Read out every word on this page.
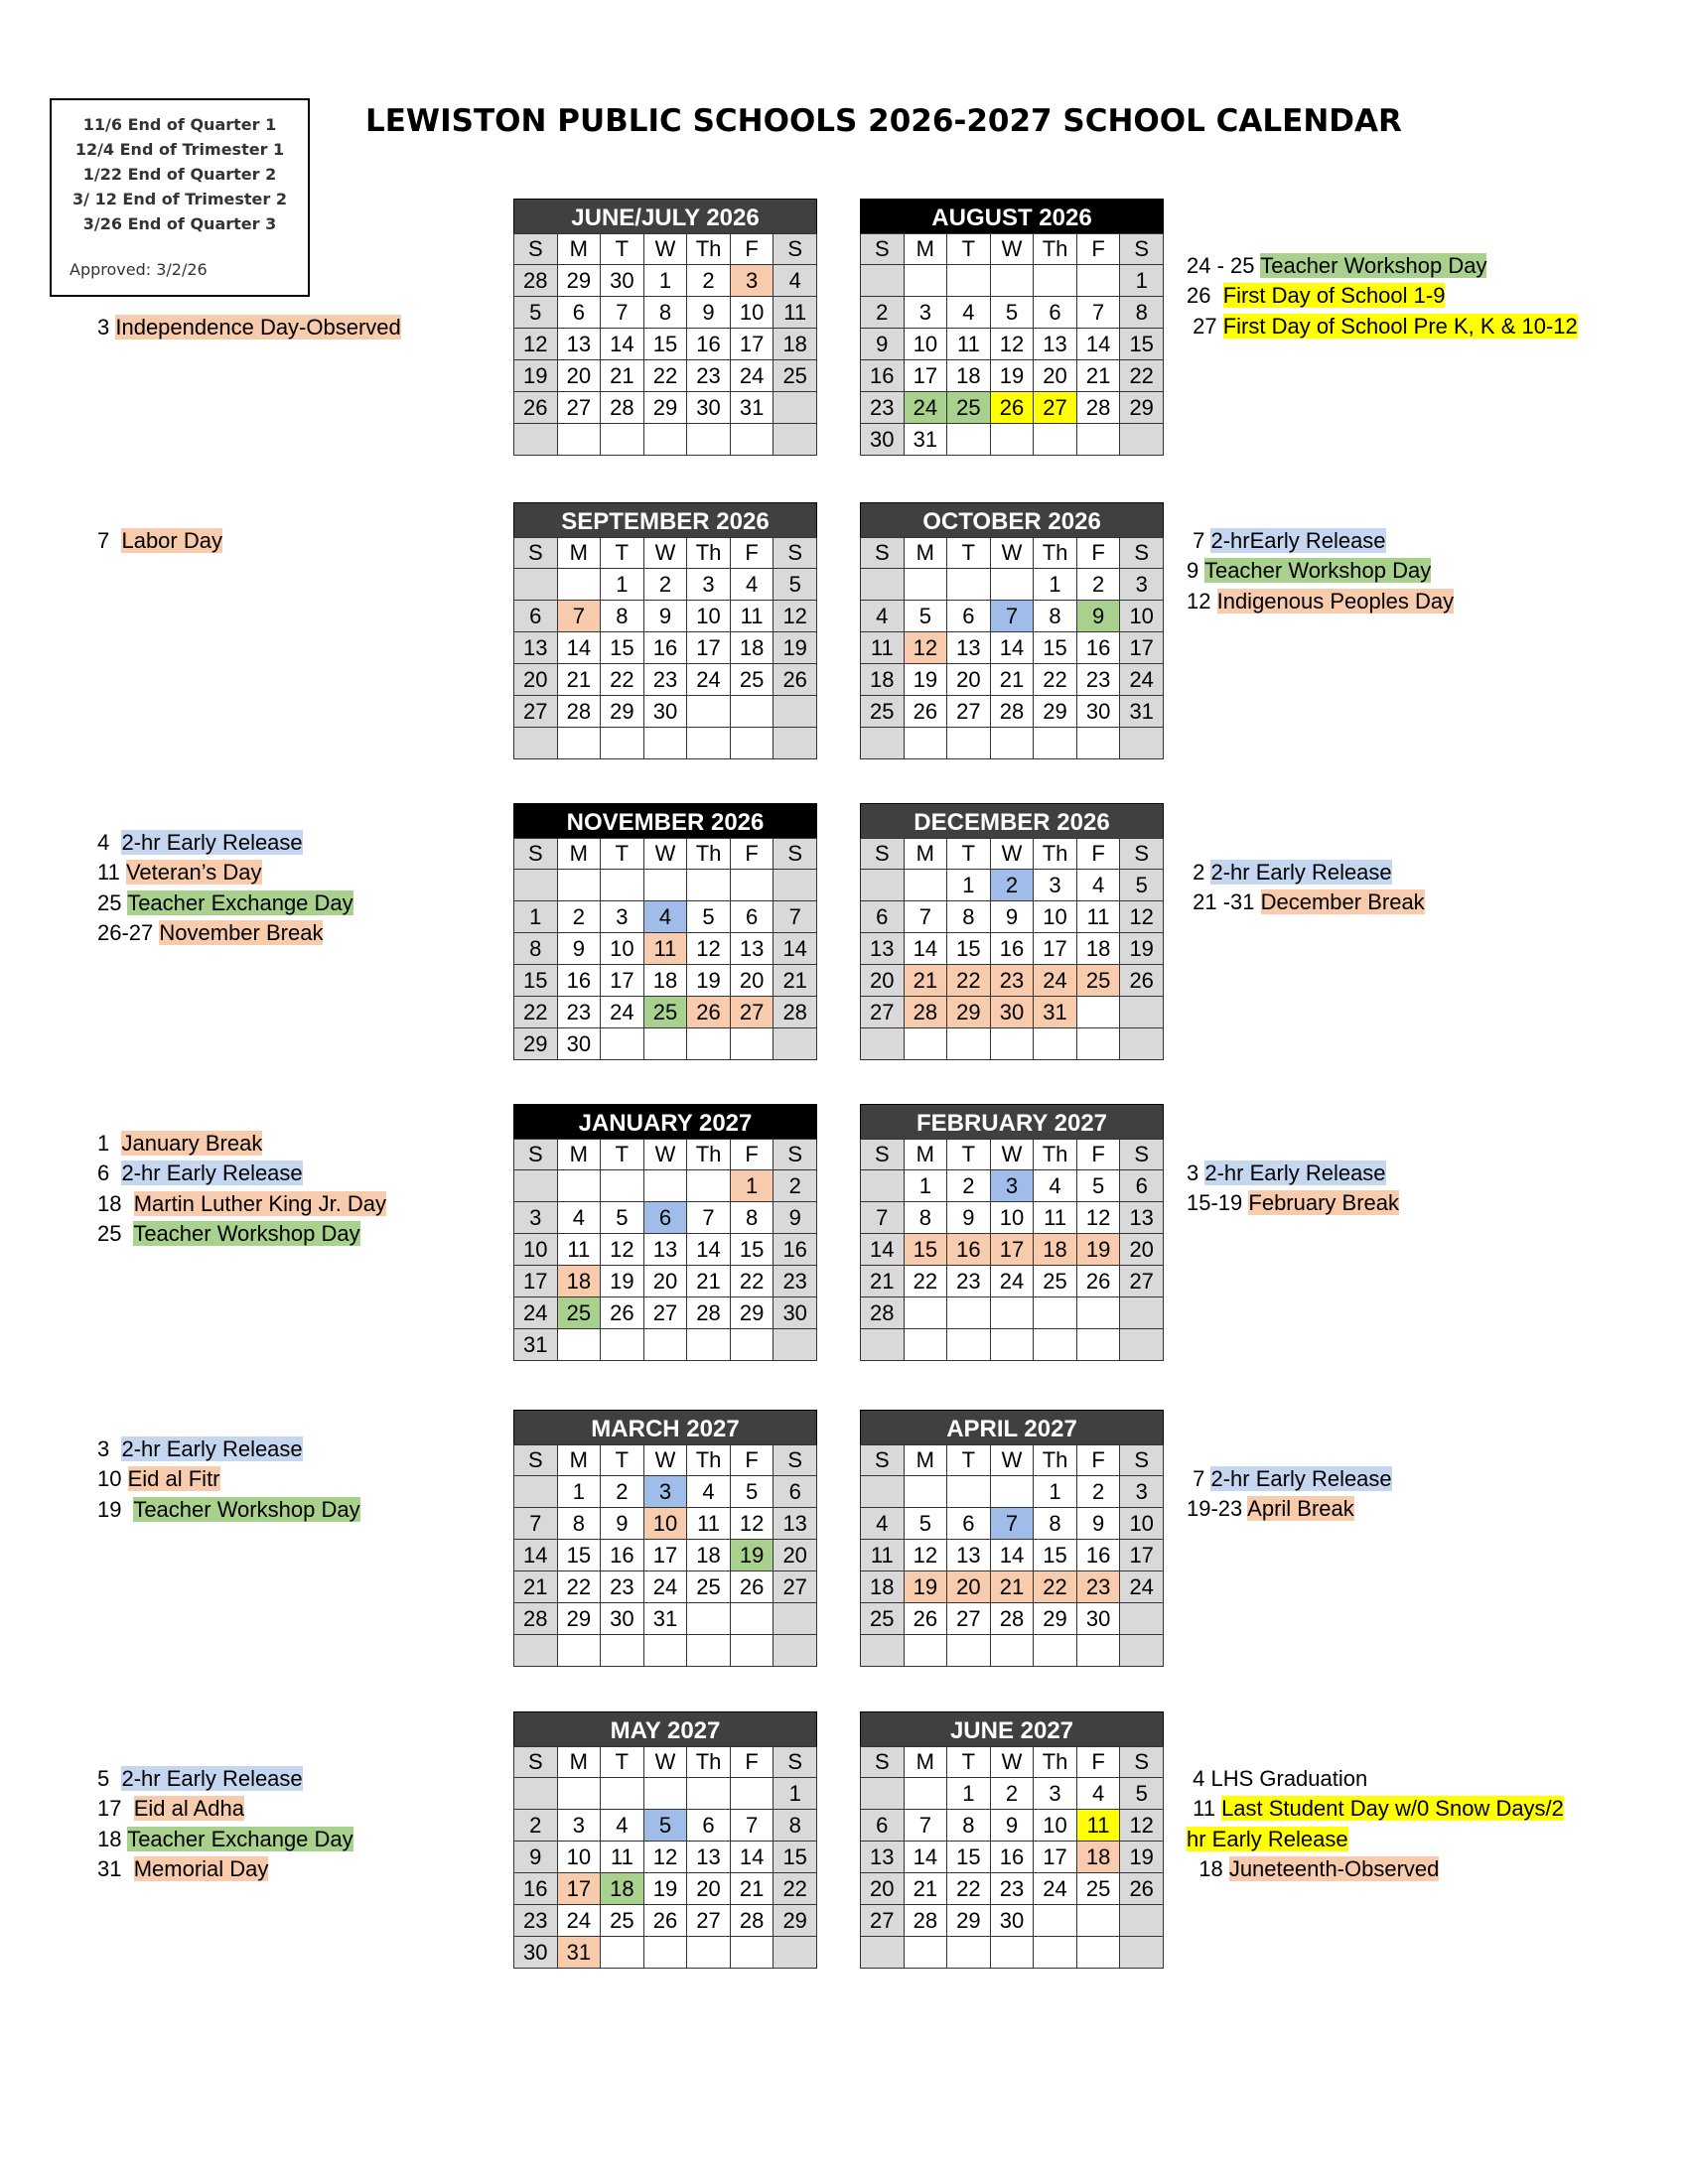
11/6 End of Quarter 1
12/4 End of Trimester 1
1/22 End of Quarter 2
3/ 12 End of Trimester 2
3/26 End of Quarter 3
Approved: 3/2/26
LEWISTON PUBLIC SCHOOLS 2026-2027 SCHOOL CALENDAR
JUNE/JULY 2026
S	M	T	W	Th	F	S
28	29	30	1	2	3	4
5	6	7	8	9	10	11
12	13	14	15	16	17	18
19	20	21	22	23	24	25
26	27	28	29	30	31	

AUGUST 2026
S	M	T	W	Th	F	S
						1
2	3	4	5	6	7	8
9	10	11	12	13	14	15
16	17	18	19	20	21	22
23	24	25	26	27	28	29
30	31					
SEPTEMBER 2026
S	M	T	W	Th	F	S
		1	2	3	4	5
6	7	8	9	10	11	12
13	14	15	16	17	18	19
20	21	22	23	24	25	26
27	28	29	30			

OCTOBER 2026
S	M	T	W	Th	F	S
				1	2	3
4	5	6	7	8	9	10
11	12	13	14	15	16	17
18	19	20	21	22	23	24
25	26	27	28	29	30	31

NOVEMBER 2026
S	M	T	W	Th	F	S

1	2	3	4	5	6	7
8	9	10	11	12	13	14
15	16	17	18	19	20	21
22	23	24	25	26	27	28
29	30					
DECEMBER 2026
S	M	T	W	Th	F	S
		1	2	3	4	5
6	7	8	9	10	11	12
13	14	15	16	17	18	19
20	21	22	23	24	25	26
27	28	29	30	31		

JANUARY 2027
S	M	T	W	Th	F	S
					1	2
3	4	5	6	7	8	9
10	11	12	13	14	15	16
17	18	19	20	21	22	23
24	25	26	27	28	29	30
31						
FEBRUARY 2027
S	M	T	W	Th	F	S
	1	2	3	4	5	6
7	8	9	10	11	12	13
14	15	16	17	18	19	20
21	22	23	24	25	26	27
28						

MARCH 2027
S	M	T	W	Th	F	S
	1	2	3	4	5	6
7	8	9	10	11	12	13
14	15	16	17	18	19	20
21	22	23	24	25	26	27
28	29	30	31			

APRIL 2027
S	M	T	W	Th	F	S
				1	2	3
4	5	6	7	8	9	10
11	12	13	14	15	16	17
18	19	20	21	22	23	24
25	26	27	28	29	30	

MAY 2027
S	M	T	W	Th	F	S
						1
2	3	4	5	6	7	8
9	10	11	12	13	14	15
16	17	18	19	20	21	22
23	24	25	26	27	28	29
30	31					
JUNE 2027
S	M	T	W	Th	F	S
		1	2	3	4	5
6	7	8	9	10	11	12
13	14	15	16	17	18	19
20	21	22	23	24	25	26
27	28	29	30			

3 Independence Day-Observed
7  Labor Day
4  2-hr Early Release
11 Veteran’s Day
25 Teacher Exchange Day
26-27 November Break
1  January Break
6  2-hr Early Release
18  Martin Luther King Jr. Day
25  Teacher Workshop Day
3  2-hr Early Release
10 Eid al Fitr
19  Teacher Workshop Day
5  2-hr Early Release
17  Eid al Adha
18 Teacher Exchange Day
31  Memorial Day
24 - 25 Teacher Workshop Day
26  First Day of School 1-9
27 First Day of School Pre K, K & 10-12
7 2-hrEarly Release
9 Teacher Workshop Day
12 Indigenous Peoples Day
2 2-hr Early Release
21 -31 December Break
3 2-hr Early Release
15-19 February Break
7 2-hr Early Release
19-23 April Break
4 LHS Graduation
11 Last Student Day w/0 Snow Days/2
hr Early Release
18 Juneteenth-Observed
